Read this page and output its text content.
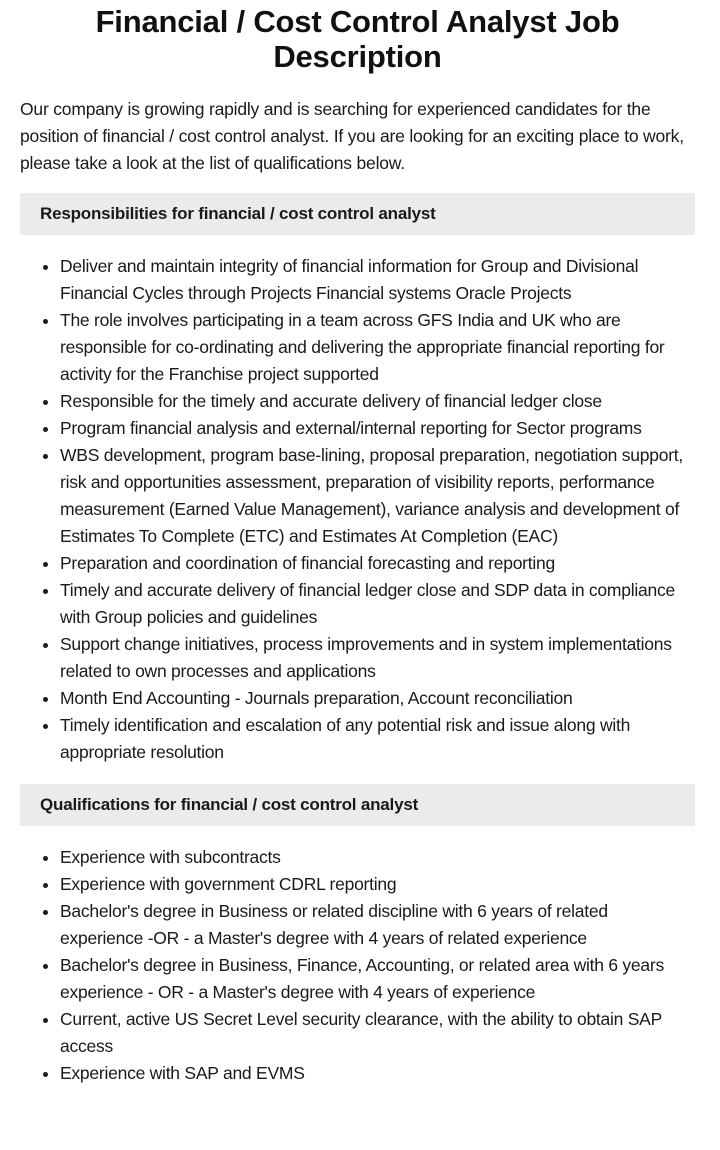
Financial / Cost Control Analyst Job Description

Our company is growing rapidly and is searching for experienced candidates for the position of financial / cost control analyst. If you are looking for an exciting place to work, please take a look at the list of qualifications below.

Responsibilities for financial / cost control analyst
• Deliver and maintain integrity of financial information for Group and Divisional Financial Cycles through Projects Financial systems Oracle Projects
• The role involves participating in a team across GFS India and UK who are responsible for co-ordinating and delivering the appropriate financial reporting for activity for the Franchise project supported
• Responsible for the timely and accurate delivery of financial ledger close
• Program financial analysis and external/internal reporting for Sector programs
• WBS development, program base-lining, proposal preparation, negotiation support, risk and opportunities assessment, preparation of visibility reports, performance measurement (Earned Value Management), variance analysis and development of Estimates To Complete (ETC) and Estimates At Completion (EAC)
• Preparation and coordination of financial forecasting and reporting
• Timely and accurate delivery of financial ledger close and SDP data in compliance with Group policies and guidelines
• Support change initiatives, process improvements and in system implementations related to own processes and applications
• Month End Accounting - Journals preparation, Account reconciliation
• Timely identification and escalation of any potential risk and issue along with appropriate resolution
Qualifications for financial / cost control analyst
• Experience with subcontracts
• Experience with government CDRL reporting
• Bachelor's degree in Business or related discipline with 6 years of related experience -OR - a Master's degree with 4 years of related experience
• Bachelor's degree in Business, Finance, Accounting, or related area with 6 years experience - OR - a Master's degree with 4 years of experience
• Current, active US Secret Level security clearance, with the ability to obtain SAP access
• Experience with SAP and EVMS
